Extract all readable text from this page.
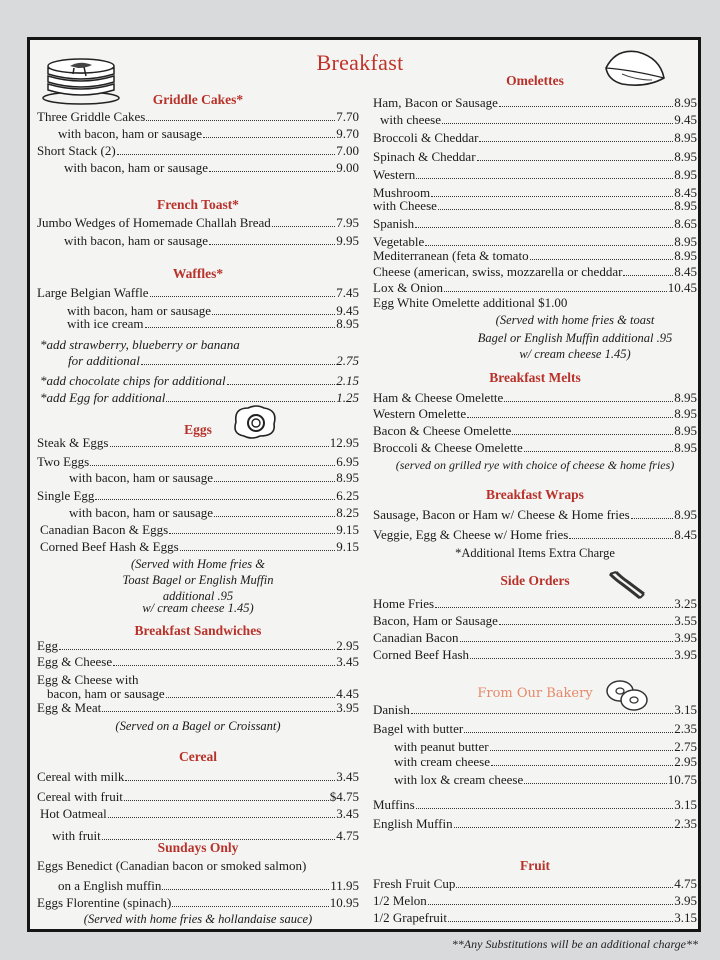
Breakfast
Griddle Cakes*
Three Griddle Cakes	7.70
with bacon, ham or sausage	9.70
Short Stack (2)	7.00
with bacon, ham or sausage	9.00
French Toast*
Jumbo Wedges of Homemade Challah Bread	7.95
with bacon, ham or sausage	9.95
Waffles*
Large Belgian Waffle	7.45
with bacon, ham or sausage	9.45
with ice cream	8.95
*add strawberry, blueberry or banana
for additional	2.75
*add chocolate chips for additional	2.15
*add Egg for additional	1.25
Eggs
Steak & Eggs	12.95
Two Eggs	6.95
with bacon, ham or sausage	8.95
Single Egg	6.25
with bacon, ham or sausage	8.25
Canadian Bacon & Eggs	9.15
Corned Beef Hash & Eggs	9.15
(Served with Home fries &
Toast Bagel or English Muffin
additional .95
w/ cream cheese 1.45)
Breakfast Sandwiches
Egg	2.95
Egg & Cheese	3.45
Egg & Cheese with
bacon, ham or sausage	4.45
Egg & Meat	3.95
(Served on a Bagel or Croissant)
Cereal
Cereal with milk	3.45
Cereal with fruit	$4.75
Hot Oatmeal	3.45
with fruit	4.75
Sundays Only
Eggs Benedict (Canadian bacon or smoked salmon)
on a English muffin	11.95
Eggs Florentine (spinach)	10.95
(Served with home fries & hollandaise sauce)
Omelettes
Ham, Bacon or Sausage	8.95
with cheese	9.45
Broccoli & Cheddar	8.95
Spinach & Cheddar	8.95
Western	8.95
Mushroom	8.45
with Cheese	8.95
Spanish	8.65
Vegetable	8.95
Mediterranean (feta & tomato	8.95
Cheese (american, swiss, mozzarella or cheddar	8.45
Lox & Onion	10.45
Egg White Omelette additional $1.00
(Served with home fries & toast
Bagel or English Muffin additional .95
w/ cream cheese 1.45)
Breakfast Melts
Ham & Cheese Omelette	8.95
Western Omelette	8.95
Bacon & Cheese Omelette	8.95
Broccoli & Cheese Omelette	8.95
(served on grilled rye with choice of cheese & home fries)
Breakfast Wraps
Sausage, Bacon or Ham w/ Cheese & Home fries	8.95
Veggie, Egg & Cheese w/ Home fries	8.45
*Additional Items Extra Charge
Side Orders
Home Fries	3.25
Bacon, Ham or Sausage	3.55
Canadian Bacon	3.95
Corned Beef Hash	3.95
From Our Bakery
Danish	3.15
Bagel with butter	2.35
with peanut butter	2.75
with cream cheese	2.95
with lox & cream cheese	10.75
Muffins	3.15
English Muffin	2.35
Fruit
Fresh Fruit Cup	4.75
1/2 Melon	3.95
1/2 Grapefruit	3.15
**Any Substitutions will be an additional charge**
